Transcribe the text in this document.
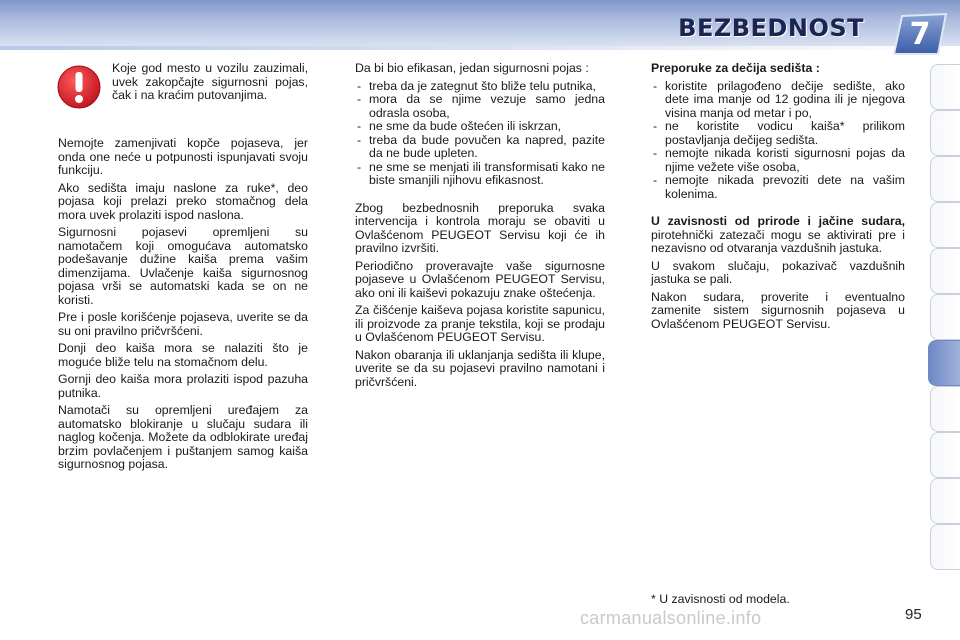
BEZBEDNOST	7
Koje god mesto u vozilu zauzimali, uvek zakopčajte sigurnosni pojas, čak i na kraćim putovanjima.

Nemojte zamenjivati kopče pojaseva, jer onda one neće u potpunosti ispunjavati svoju funkciju.

Ako sedišta imaju naslone za ruke*, deo pojasa koji prelazi preko stomačnog dela mora uvek prolaziti ispod naslona.

Sigurnosni pojasevi opremljeni su namotačem koji omogućava automatsko podešavanje dužine kaiša prema vašim dimenzijama. Uvlačenje kaiša sigurnosnog pojasa vrši se automatski kada se on ne koristi.

Pre i posle korišćenje pojaseva, uverite se da su oni pravilno pričvršćeni.

Donji deo kaiša mora se nalaziti što je moguće bliže telu na stomačnom delu.

Gornji deo kaiša mora prolaziti ispod pazuha putnika.

Namotači su opremljeni uređajem za automatsko blokiranje u slučaju sudara ili naglog kočenja. Možete da odblokirate uređaj brzim povlačenjem i puštanjem samog kaiša sigurnosnog pojasa.

Da bi bio efikasan, jedan sigurnosni pojas :

- treba da je zategnut što bliže telu putnika,
- mora da se njime vezuje samo jedna odrasla osoba,
- ne sme da bude oštećen ili iskrzan,
- treba da bude povučen ka napred, pazite da ne bude upleten.
- ne sme se menjati ili transformisati kako ne biste smanjili njihovu efikasnost.

Zbog bezbednosnih preporuka svaka intervencija i kontrola moraju se obaviti u Ovlašćenom PEUGEOT Servisu koji će ih pravilno izvršiti.

Periodično proveravajte vaše sigurnosne pojaseve u Ovlašćenom PEUGEOT Servisu, ako oni ili kaiševi pokazuju znake oštećenja.

Za čišćenje kaiševa pojasa koristite sapunicu, ili proizvode za pranje tekstila, koji se prodaju u Ovlašćenom PEUGEOT Servisu.

Nakon obaranja ili uklanjanja sedišta ili klupe, uverite se da su pojasevi pravilno namotani i pričvršćeni.

Preporuke za dečija sedišta :

- koristite prilagođeno dečije sedište, ako dete ima manje od 12 godina ili je njegova visina manja od metar i po,
- ne koristite vodicu kaiša* prilikom postavljanja dečijeg sedišta.
- nemojte nikada koristi sigurnosni pojas da njime vežete više osoba,
- nemojte nikada prevoziti dete na vašim kolenima.

U zavisnosti od prirode i jačine sudara, pirotehnički zatezači mogu se aktivirati pre i nezavisno od otvaranja vazdušnih jastuka.

U svakom slučaju, pokazivač vazdušnih jastuka se pali.

Nakon sudara, proverite i eventualno zamenite sistem sigurnosnih pojaseva u Ovlašćenom PEUGEOT Servisu.

* U zavisnosti od modela.
carmanualsonline.info	95
